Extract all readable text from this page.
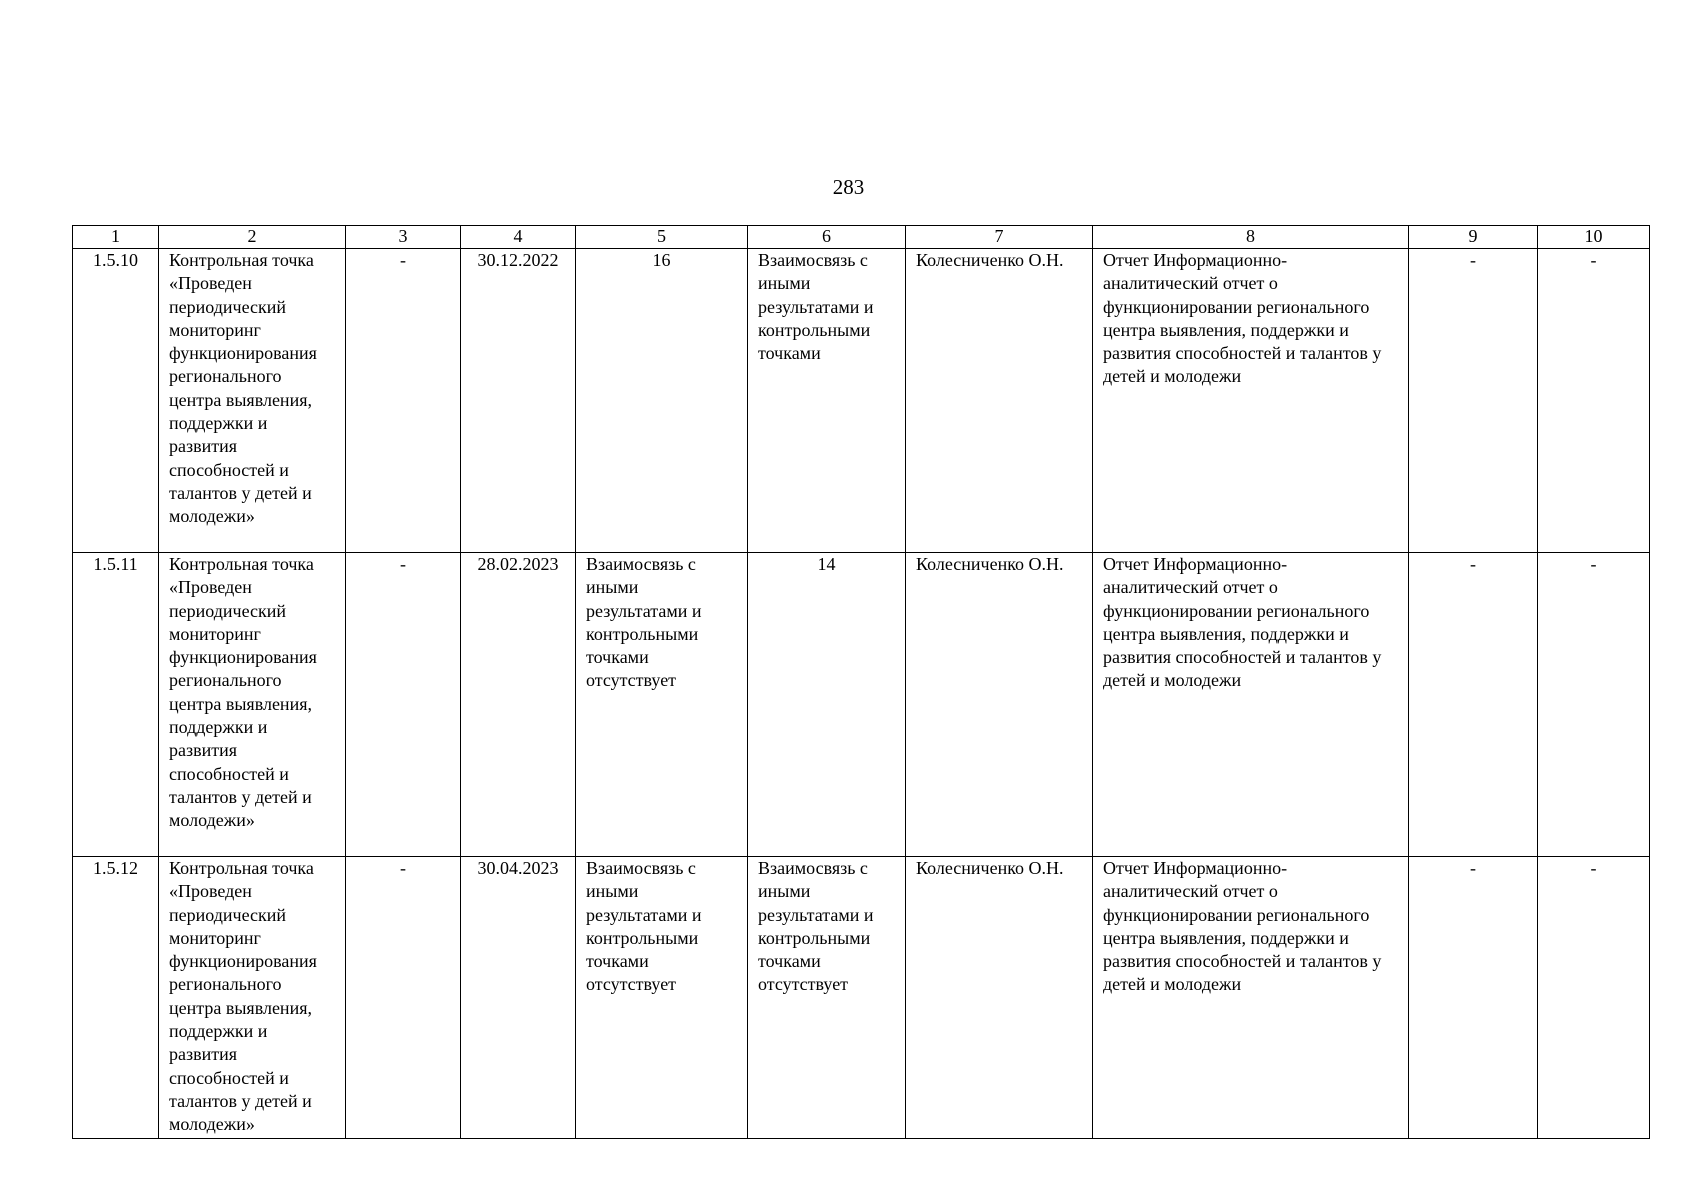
283
1	2	3	4	5	6	7	8	9	10
1.5.10	Контрольная точка «Проведен периодический мониторинг функционирования регионального центра выявления, поддержки и развития способностей и талантов у детей и молодежи»	-	30.12.2022	16	Взаимосвязь с иными результатами и контрольными точками	Колесниченко О.Н.	Отчет Информационно-аналитический отчет о функционировании регионального центра выявления, поддержки и развития способностей и талантов у детей и молодежи	-	-
1.5.11	Контрольная точка «Проведен периодический мониторинг функционирования регионального центра выявления, поддержки и развития способностей и талантов у детей и молодежи»	-	28.02.2023	Взаимосвязь с иными результатами и контрольными точками отсутствует	14	Колесниченко О.Н.	Отчет Информационно-аналитический отчет о функционировании регионального центра выявления, поддержки и развития способностей и талантов у детей и молодежи	-	-
1.5.12	Контрольная точка «Проведен периодический мониторинг функционирования регионального центра выявления, поддержки и развития способностей и талантов у детей и молодежи»	-	30.04.2023	Взаимосвязь с иными результатами и контрольными точками отсутствует	Взаимосвязь с иными результатами и контрольными точками отсутствует	Колесниченко О.Н.	Отчет Информационно-аналитический отчет о функционировании регионального центра выявления, поддержки и развития способностей и талантов у детей и молодежи	-	-
